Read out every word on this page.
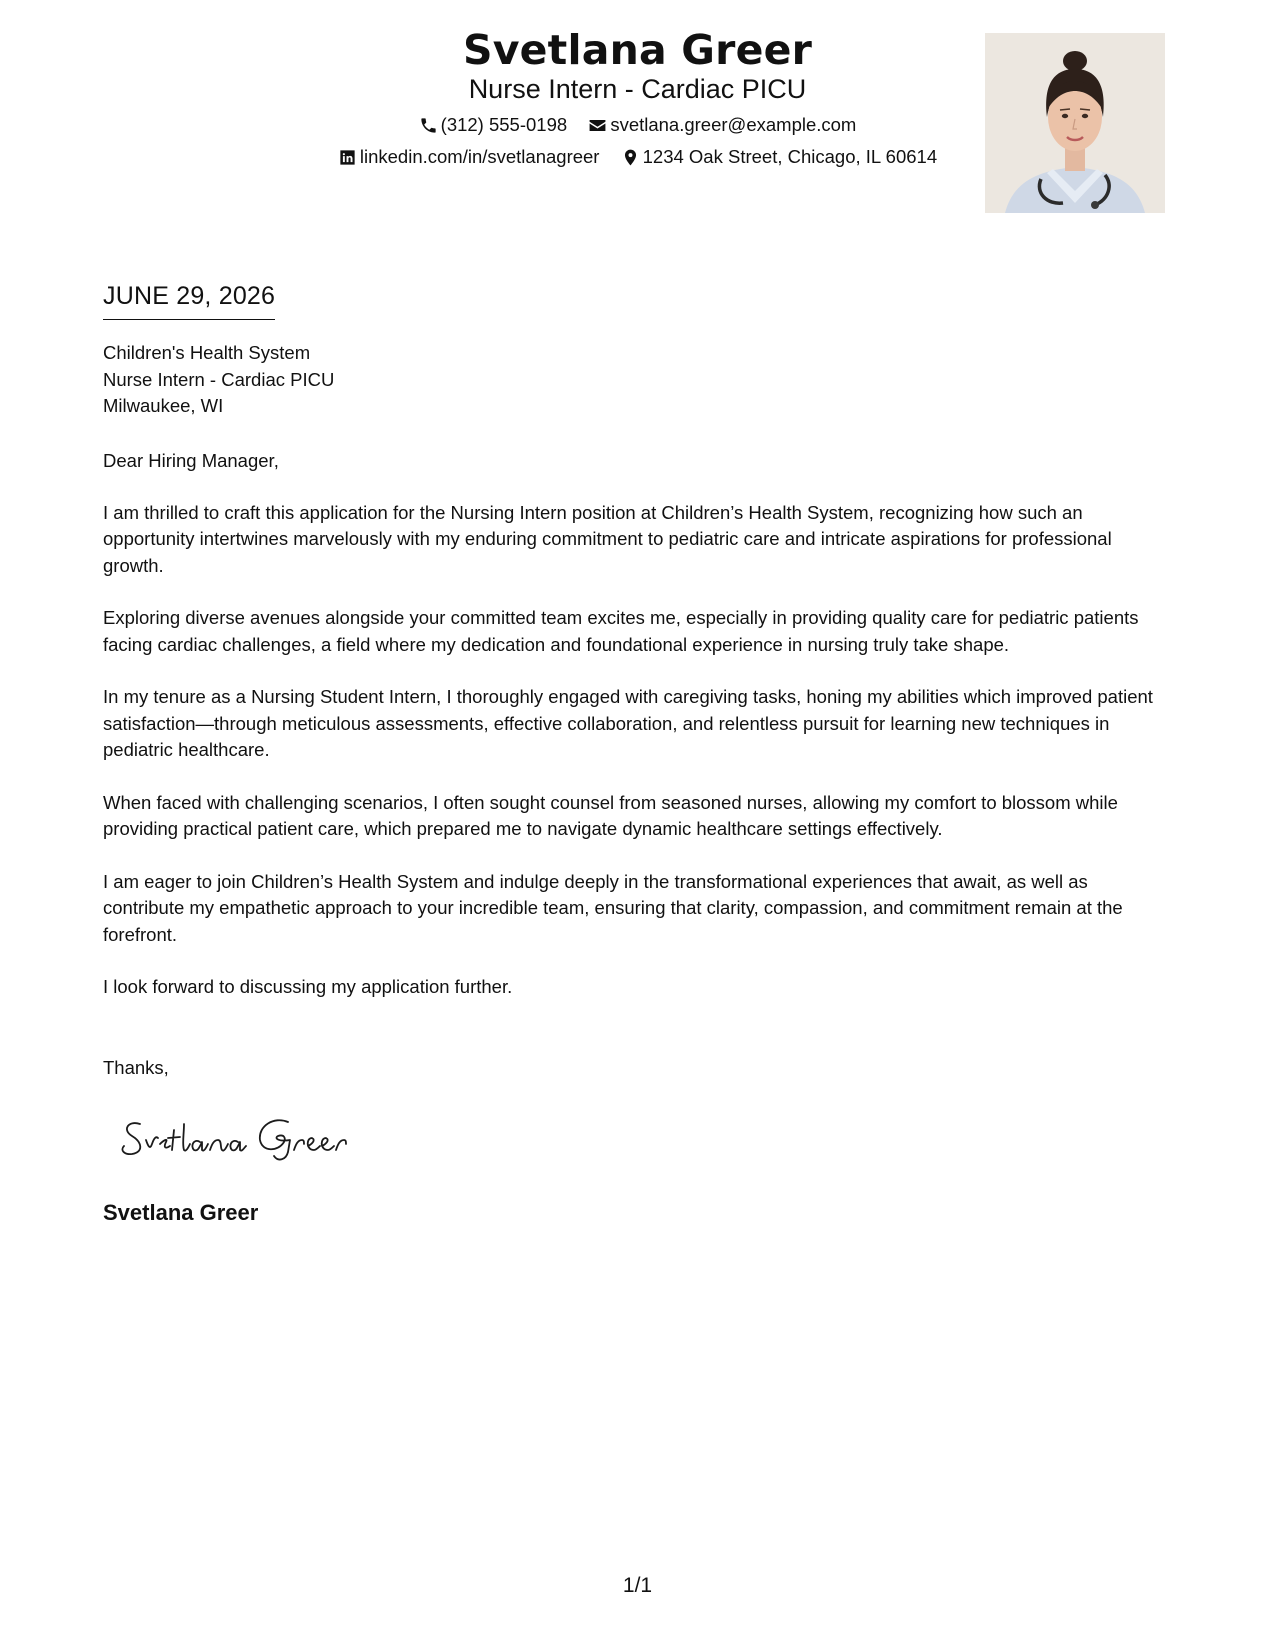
Svetlana Greer
Nurse Intern - Cardiac PICU
(312) 555-0198
svetlana.greer@example.com
linkedin.com/in/svetlanagreer
1234 Oak Street, Chicago, IL 60614
JUNE 29, 2026
Children's Health System
Nurse Intern - Cardiac PICU
Milwaukee, WI
Dear Hiring Manager,

I am thrilled to craft this application for the Nursing Intern position at Children’s Health System, recognizing how such an opportunity intertwines marvelously with my enduring commitment to pediatric care and intricate aspirations for professional growth.

Exploring diverse avenues alongside your committed team excites me, especially in providing quality care for pediatric patients facing cardiac challenges, a field where my dedication and foundational experience in nursing truly take shape.

In my tenure as a Nursing Student Intern, I thoroughly engaged with caregiving tasks, honing my abilities which improved patient satisfaction—through meticulous assessments, effective collaboration, and relentless pursuit for learning new techniques in pediatric healthcare.

When faced with challenging scenarios, I often sought counsel from seasoned nurses, allowing my comfort to blossom while providing practical patient care, which prepared me to navigate dynamic healthcare settings effectively.

I am eager to join Children’s Health System and indulge deeply in the transformational experiences that await, as well as contribute my empathetic approach to your incredible team, ensuring that clarity, compassion, and commitment remain at the forefront.

I look forward to discussing my application further.

Thanks,
Svetlana Greer
1/1
